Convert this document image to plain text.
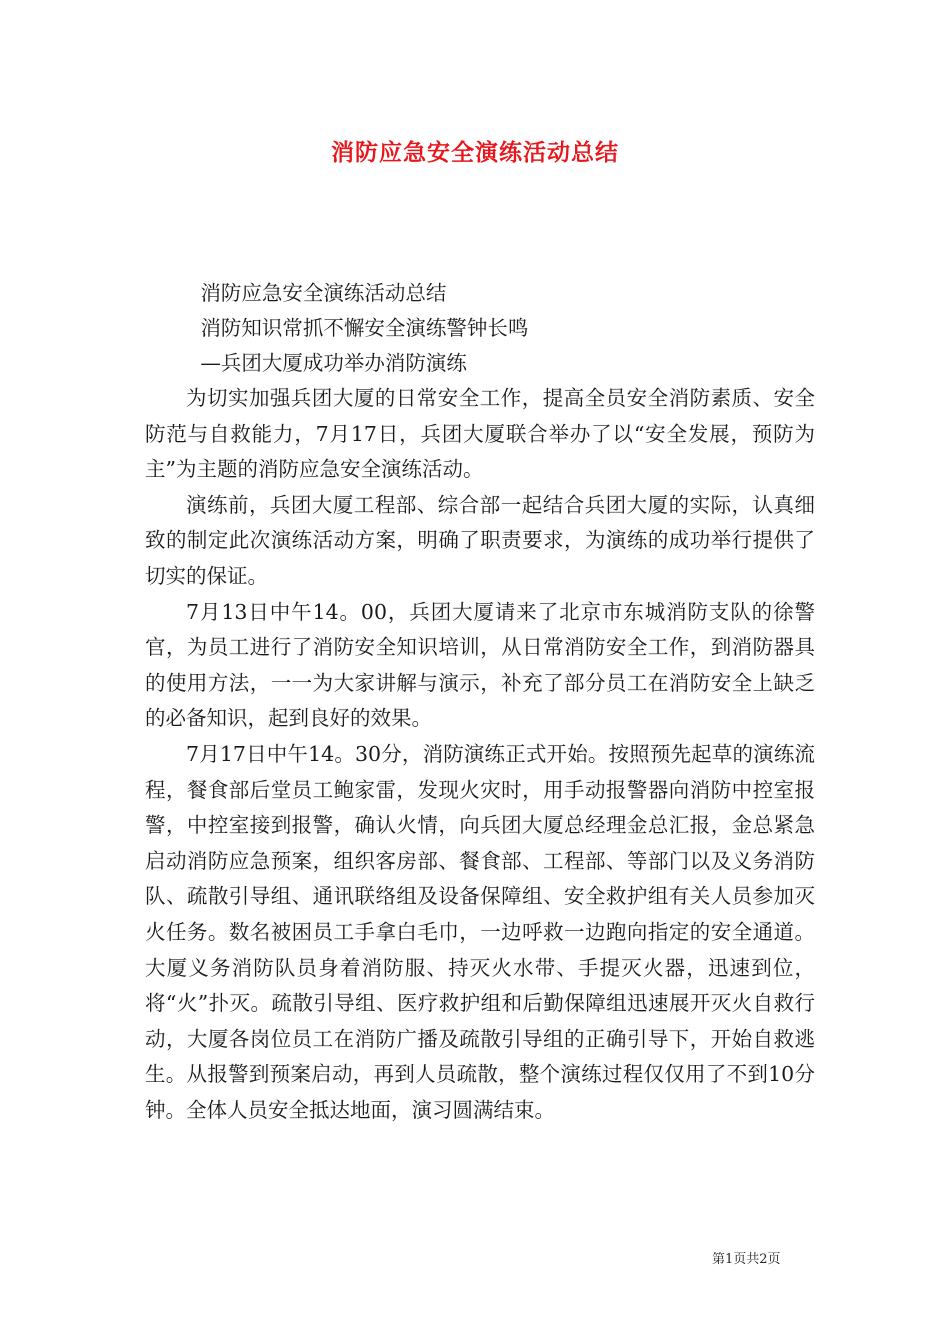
消防应急安全演练活动总结

消防应急安全演练活动总结

消防知识常抓不懈安全演练警钟长鸣

—兵团大厦成功举办消防演练

为切实加强兵团大厦的日常安全工作，提高全员安全消防素质、安全防范与自救能力，7月17日，兵团大厦联合举办了以“安全发展，预防为主”为主题的消防应急安全演练活动。

演练前，兵团大厦工程部、综合部一起结合兵团大厦的实际，认真细致的制定此次演练活动方案，明确了职责要求，为演练的成功举行提供了切实的保证。

7月13日中午14。00，兵团大厦请来了北京市东城消防支队的徐警官，为员工进行了消防安全知识培训，从日常消防安全工作，到消防器具的使用方法，一一为大家讲解与演示，补充了部分员工在消防安全上缺乏的必备知识，起到良好的效果。

7月17日中午14。30分，消防演练正式开始。按照预先起草的演练流程，餐食部后堂员工鲍家雷，发现火灾时，用手动报警器向消防中控室报警，中控室接到报警，确认火情，向兵团大厦总经理金总汇报，金总紧急启动消防应急预案，组织客房部、餐食部、工程部、等部门以及义务消防队、疏散引导组、通讯联络组及设备保障组、安全救护组有关人员参加灭火任务。数名被困员工手拿白毛巾，一边呼救一边跑向指定的安全通道。大厦义务消防队员身着消防服、持灭火水带、手提灭火器，迅速到位，将“火”扑灭。疏散引导组、医疗救护组和后勤保障组迅速展开灭火自救行动，大厦各岗位员工在消防广播及疏散引导组的正确引导下，开始自救逃生。从报警到预案启动，再到人员疏散，整个演练过程仅仅用了不到10分钟。全体人员安全抵达地面，演习圆满结束。

第1页共2页
